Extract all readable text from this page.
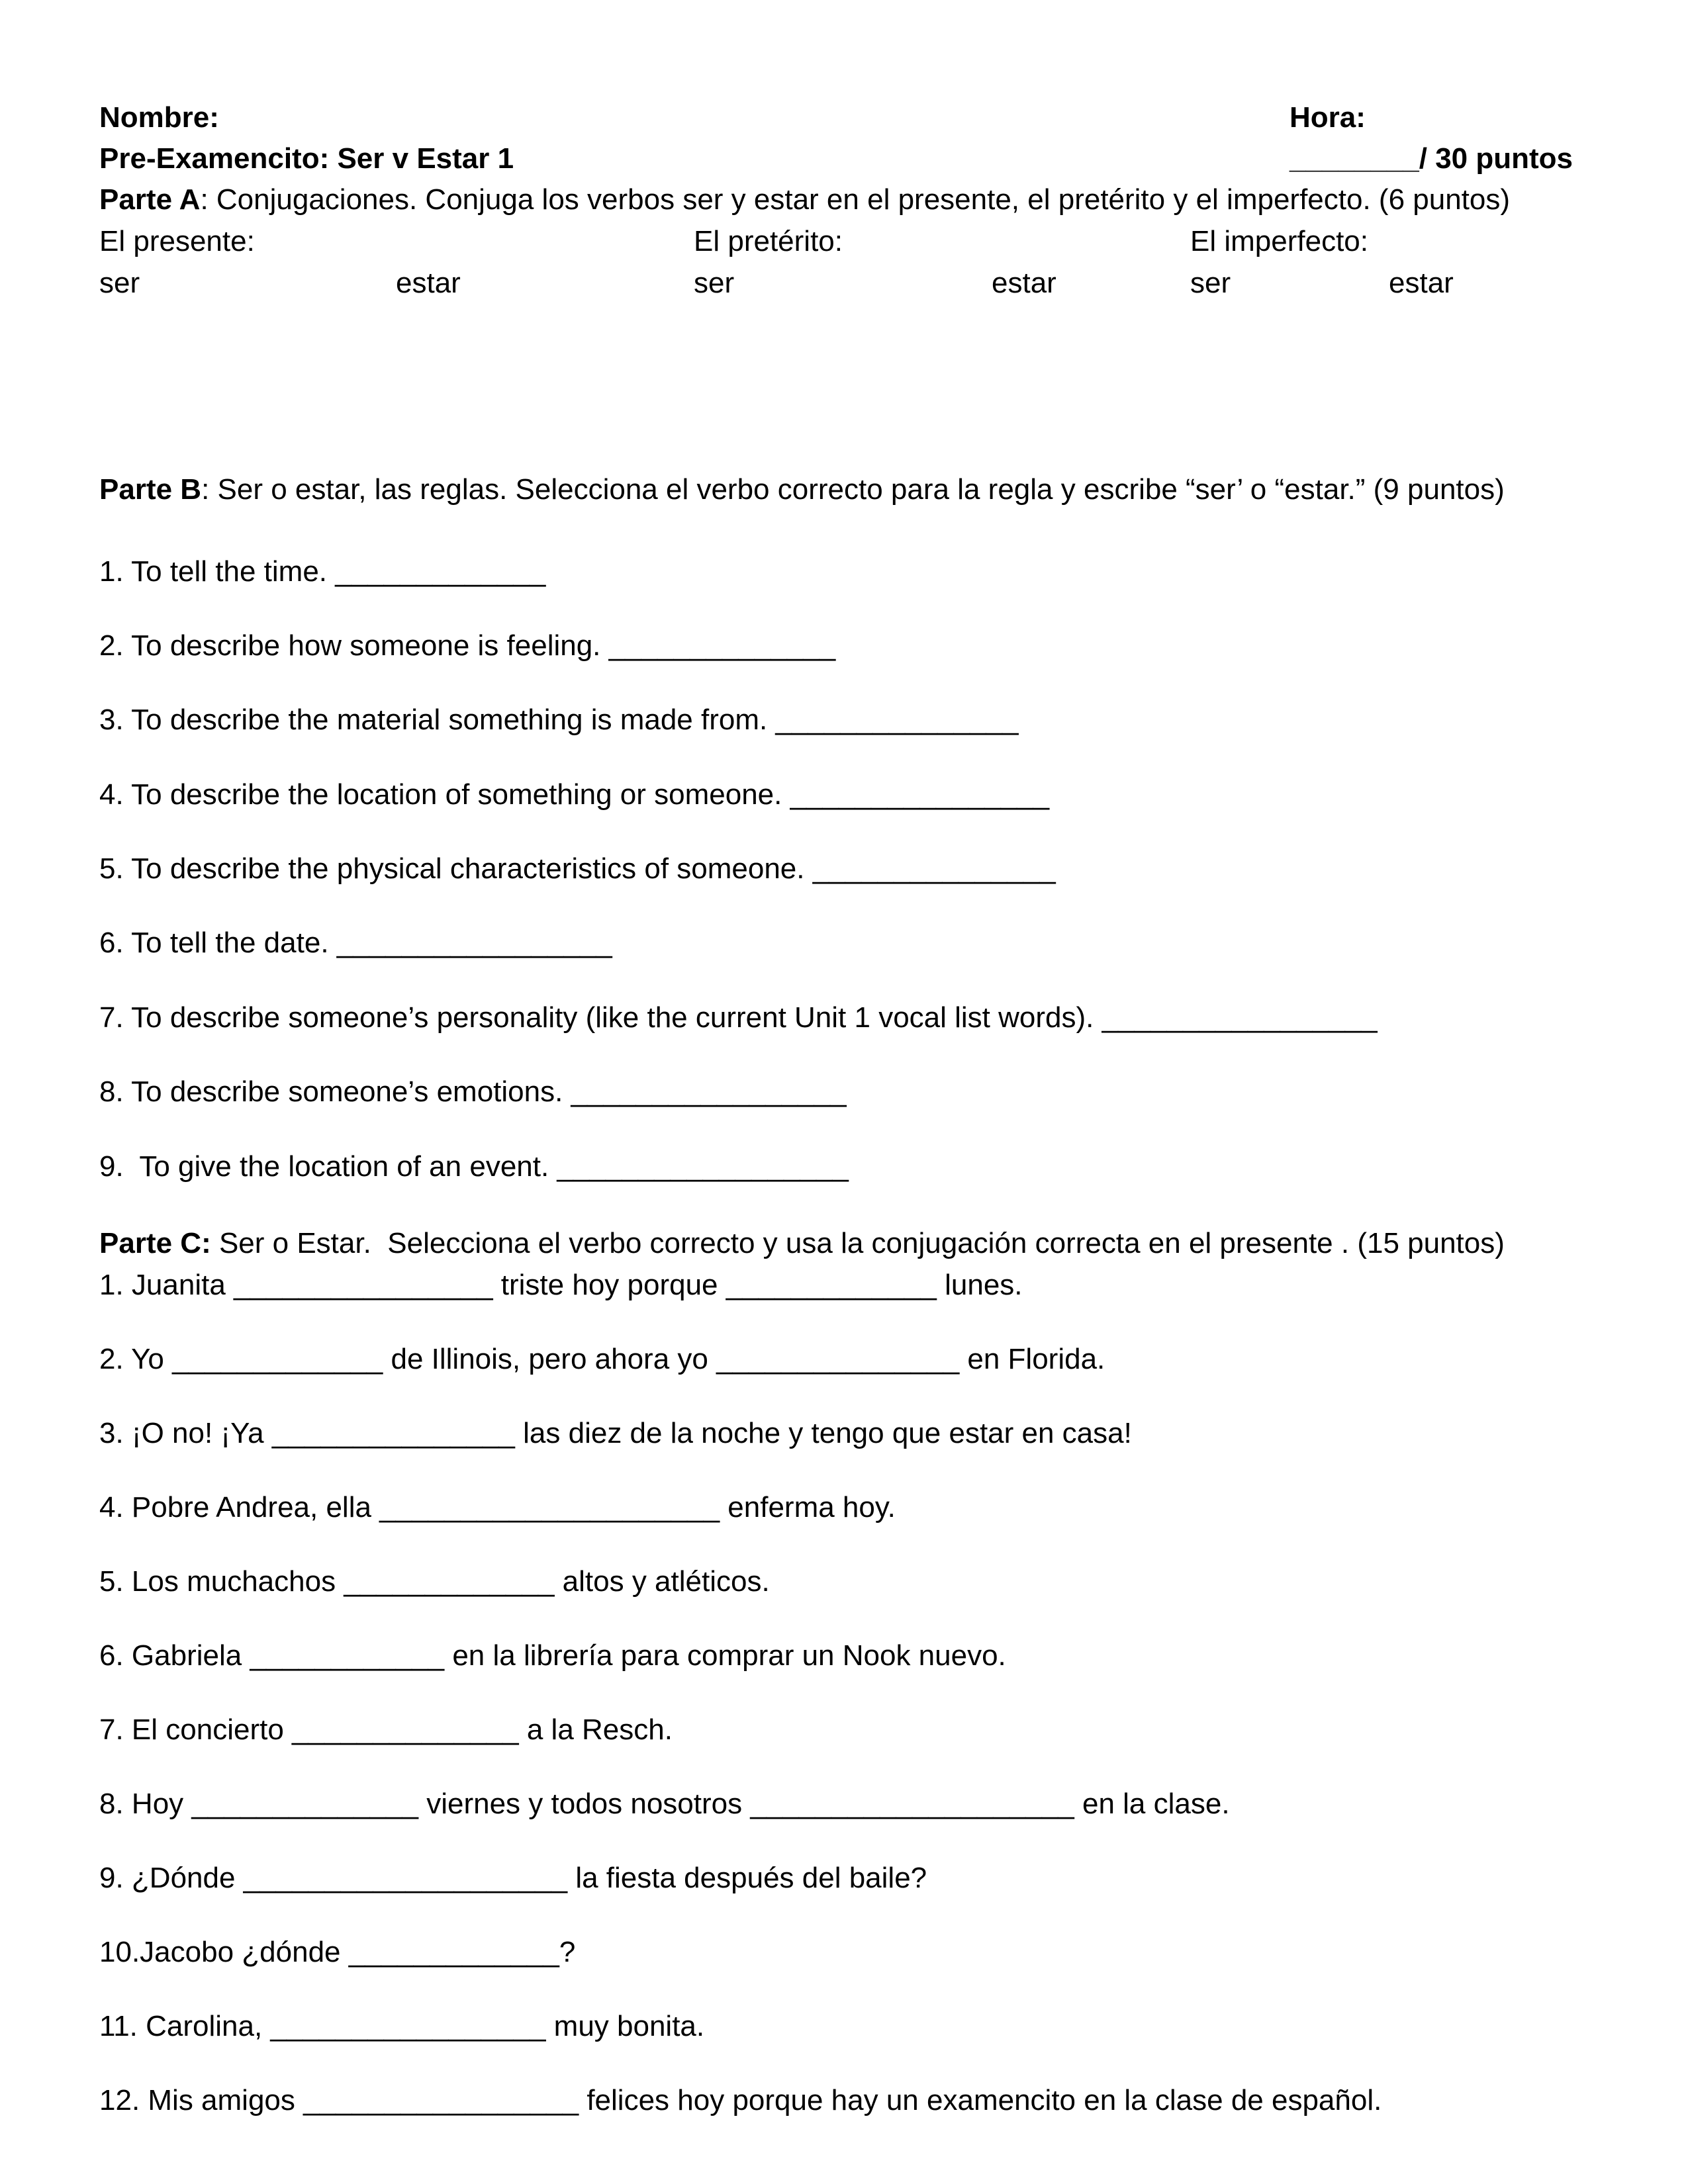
Nombre:	Hora:
Pre-Examencito: Ser v Estar 1	________/ 30 puntos
Parte A: Conjugaciones. Conjuga los verbos ser y estar en el presente, el pretérito y el imperfecto. (6 puntos)
El presente:	El pretérito:	El imperfecto:
ser	estar	ser	estar	ser	estar
Parte B: Ser o estar, las reglas. Selecciona el verbo correcto para la regla y escribe “ser’ o “estar.” (9 puntos)
1. To tell the time. _____________
2. To describe how someone is feeling. ______________
3. To describe the material something is made from. _______________
4. To describe the location of something or someone. ________________
5. To describe the physical characteristics of someone. _______________
6. To tell the date. _________________
7. To describe someone’s personality (like the current Unit 1 vocal list words). _________________
8. To describe someone’s emotions. _________________
9.  To give the location of an event. __________________
Parte C: Ser o Estar.  Selecciona el verbo correcto y usa la conjugación correcta en el presente . (15 puntos)
1. Juanita ________________ triste hoy porque _____________ lunes.
2. Yo _____________ de Illinois, pero ahora yo _______________ en Florida.
3. ¡O no! ¡Ya _______________ las diez de la noche y tengo que estar en casa!
4. Pobre Andrea, ella _____________________ enferma hoy.
5. Los muchachos _____________ altos y atléticos.
6. Gabriela ____________ en la librería para comprar un Nook nuevo.
7. El concierto ______________ a la Resch.
8. Hoy ______________ viernes y todos nosotros ____________________ en la clase.
9. ¿Dónde ____________________ la fiesta después del baile?
10.Jacobo ¿dónde _____________?
11. Carolina, _________________ muy bonita.
12. Mis amigos _________________ felices hoy porque hay un examencito en la clase de español.
